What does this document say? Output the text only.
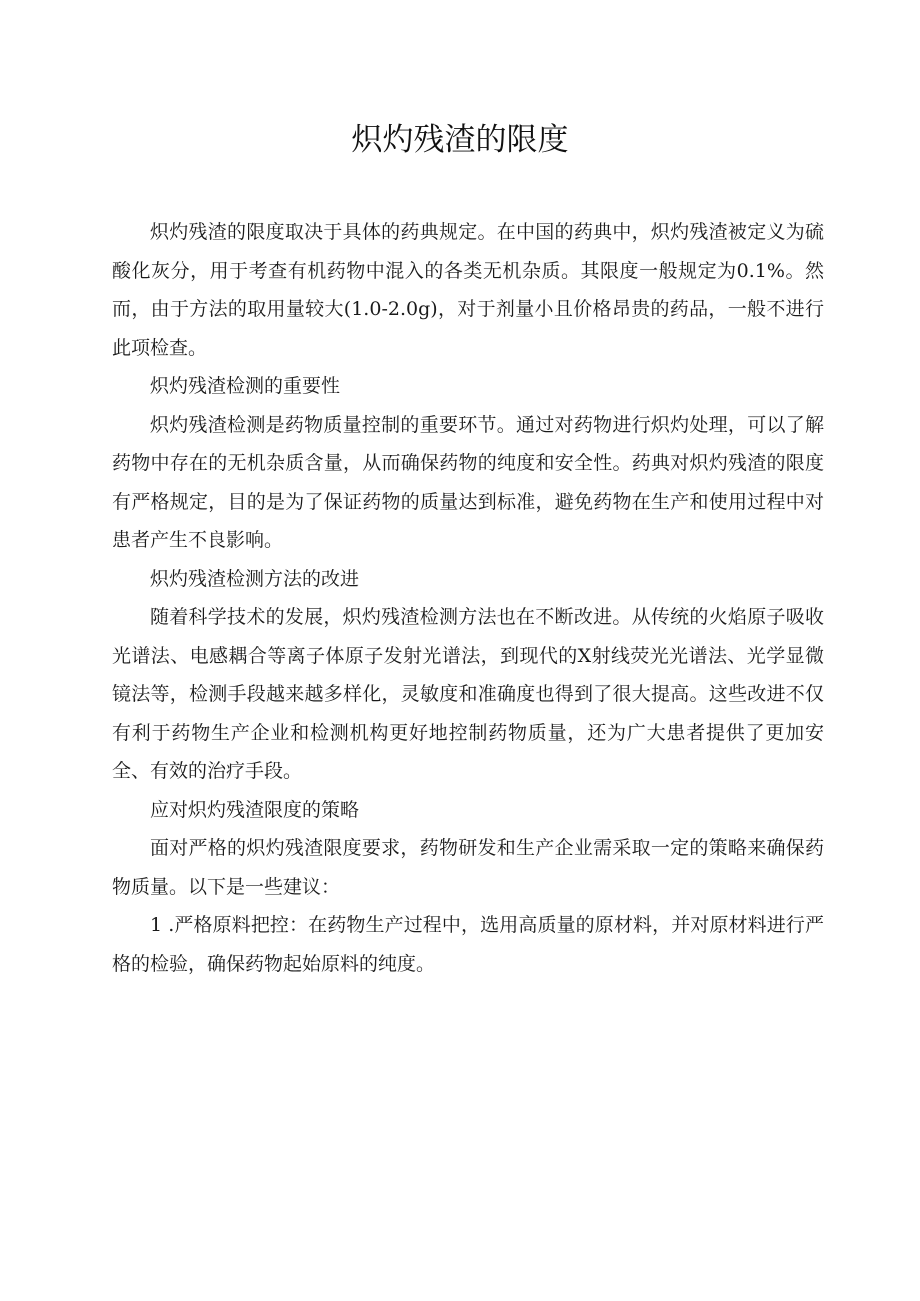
炽灼残渣的限度

炽灼残渣的限度取决于具体的药典规定。在中国的药典中，炽灼残渣被定义为硫酸化灰分，用于考查有机药物中混入的各类无机杂质。其限度一般规定为0.1%。然而，由于方法的取用量较大(1.0-2.0g)，对于剂量小且价格昂贵的药品，一般不进行此项检查。

炽灼残渣检测的重要性

炽灼残渣检测是药物质量控制的重要环节。通过对药物进行炽灼处理，可以了解药物中存在的无机杂质含量，从而确保药物的纯度和安全性。药典对炽灼残渣的限度有严格规定，目的是为了保证药物的质量达到标准，避免药物在生产和使用过程中对患者产生不良影响。

炽灼残渣检测方法的改进

随着科学技术的发展，炽灼残渣检测方法也在不断改进。从传统的火焰原子吸收光谱法、电感耦合等离子体原子发射光谱法，到现代的X射线荧光光谱法、光学显微镜法等，检测手段越来越多样化，灵敏度和准确度也得到了很大提高。这些改进不仅有利于药物生产企业和检测机构更好地控制药物质量，还为广大患者提供了更加安全、有效的治疗手段。

应对炽灼残渣限度的策略

面对严格的炽灼残渣限度要求，药物研发和生产企业需采取一定的策略来确保药物质量。以下是一些建议：

1 .严格原料把控：在药物生产过程中，选用高质量的原材料，并对原材料进行严格的检验，确保药物起始原料的纯度。
